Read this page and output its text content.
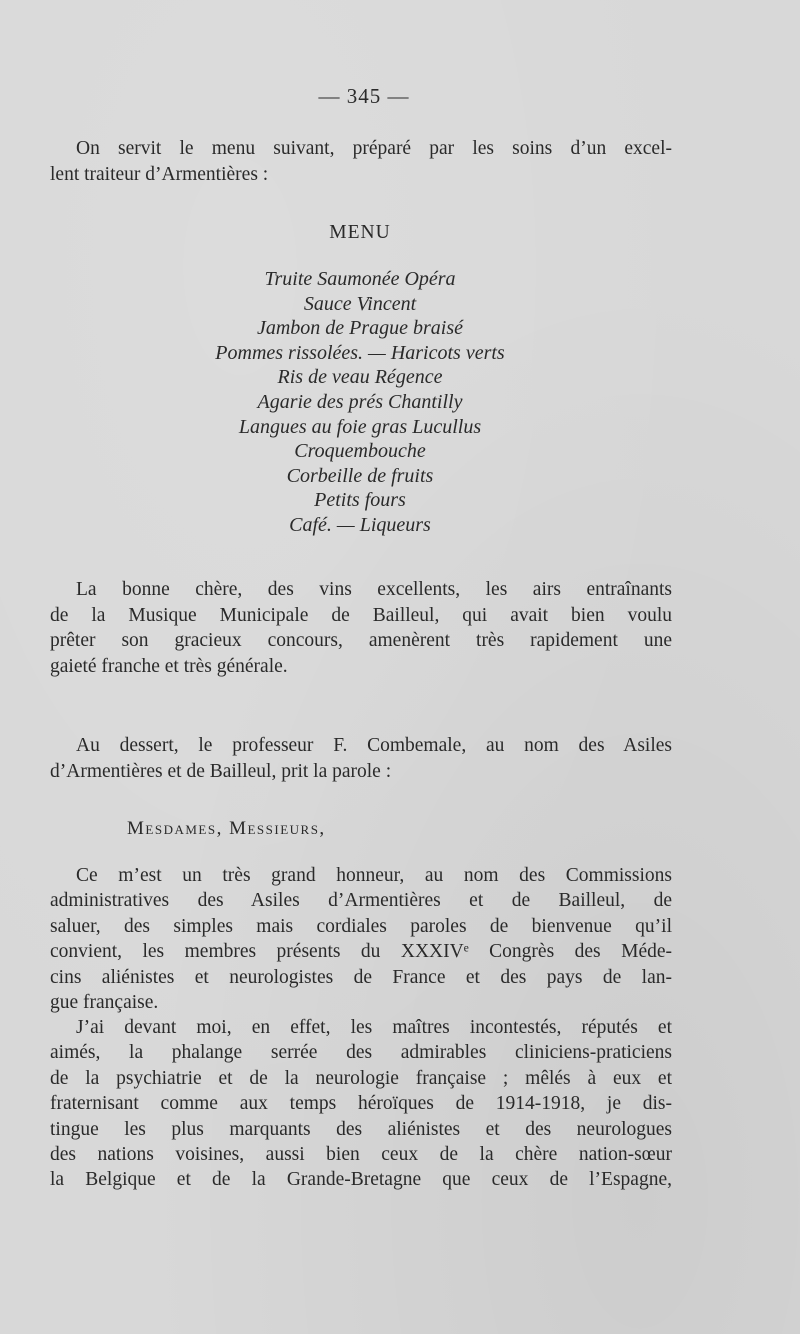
— 345 —
On servit le menu suivant, préparé par les soins d’un excel-
lent traiteur d’Armentières :
MENU
Truite Saumonée Opéra
Sauce Vincent
Jambon de Prague braisé
Pommes rissolées. — Haricots verts
Ris de veau Régence
Agarie des prés Chantilly
Langues au foie gras Lucullus
Croquembouche
Corbeille de fruits
Petits fours
Café. — Liqueurs
La bonne chère, des vins excellents, les airs entraînants
de la Musique Municipale de Bailleul, qui avait bien voulu
prêter son gracieux concours, amenèrent très rapidement une
gaieté franche et très générale.
Au dessert, le professeur F. Combemale, au nom des Asiles
d’Armentières et de Bailleul, prit la parole :
Mesdames, Messieurs,
Ce m’est un très grand honneur, au nom des Commissions
administratives des Asiles d’Armentières et de Bailleul, de
saluer, des simples mais cordiales paroles de bienvenue qu’il
convient, les membres présents du XXXIVᵉ Congrès des Méde-
cins aliénistes et neurologistes de France et des pays de lan-
gue française.
J’ai devant moi, en effet, les maîtres incontestés, réputés et
aimés, la phalange serrée des admirables cliniciens-praticiens
de la psychiatrie et de la neurologie française ; mêlés à eux et
fraternisant comme aux temps héroïques de 1914-1918, je dis-
tingue les plus marquants des aliénistes et des neurologues
des nations voisines, aussi bien ceux de la chère nation-sœur
la Belgique et de la Grande-Bretagne que ceux de l’Espagne,
